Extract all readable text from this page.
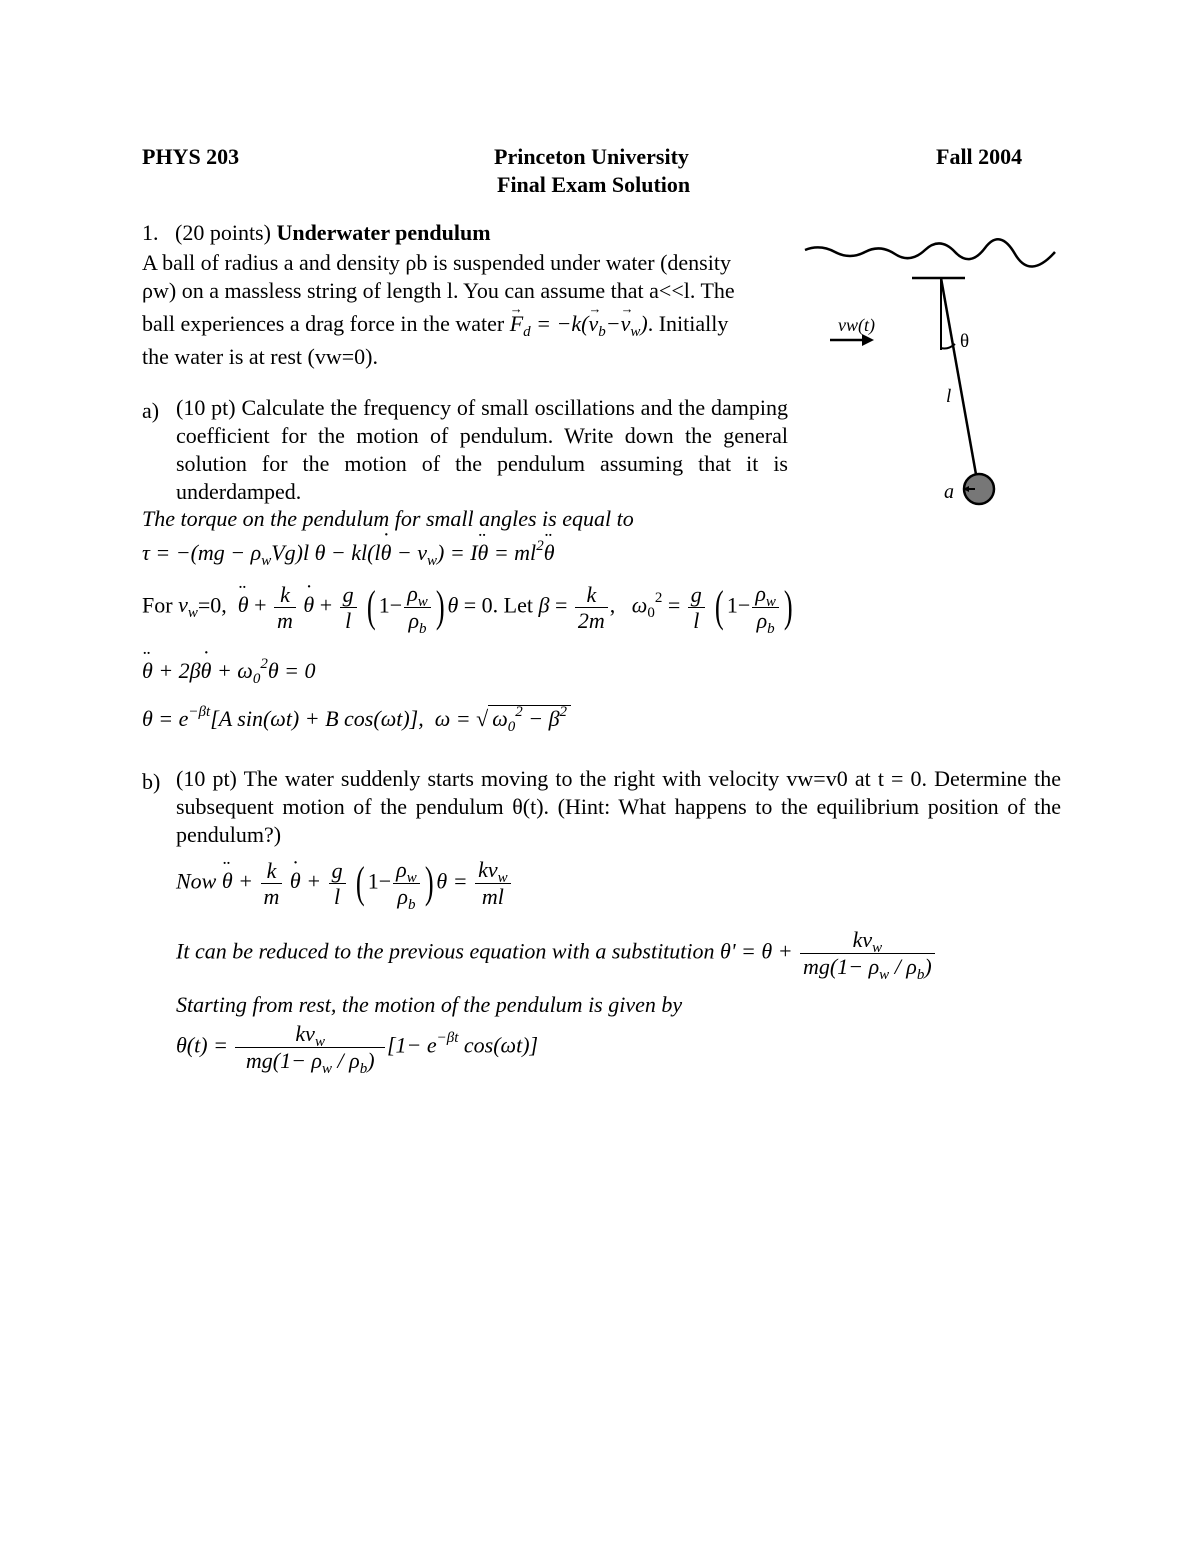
PHYS 203	Princeton University	Fall 2004
Final Exam Solution
1. (20 points) Underwater pendulum
A ball of radius a and density ρb is suspended under water (density
ρw) on a massless string of length l. You can assume that a<<l. The
ball experiences a drag force in the water → $F_d = -k(\to v_b-\to v_w)$. Initially
the water is at rest (vw=0).
a) (10 pt) Calculate the frequency of small oscillations and the damping coefficient for the motion of pendulum. Write down the general solution for the motion of the pendulum assuming that it is underdamped.
The torque on the pendulum for small angles is equal to
$\tau = -(mg - \rho_wVg)l$ θ − kl(l˙ $\theta - v_w$) = I¨ $\theta = ml^2¨$ θ
For $v_w=0$,  ¨ $\theta + \frac{k}{m}$ ˙ $\theta + \frac{g}{l}$ ( $1- \frac{\rho_w}{\rho_b}$ ) θ = 0. Let $\beta = \frac{k}{2m}$ ,   $\omega_0^2 = \frac{g}{l}$ ( $1- \frac{\rho_w}{\rho_b}$ )
¨ θ + 2β˙ $\theta + \omega_0^2\theta = 0$
$\theta = e^{-\beta t}[A$ sin(ωt) + B cos(ωt)],  ω = √ $\omega_0^2 - \beta^2$
b) (10 pt) The water suddenly starts moving to the right with velocity vw=v0 at t = 0. Determine the subsequent motion of the pendulum θ(t). (Hint: What happens to the equilibrium position of the pendulum?)
Now ¨ $\theta + \frac{k}{m}$ ˙ $\theta + \frac{g}{l}$ ( $1- \frac{\rho_w}{\rho_b}$ ) $\theta = \frac{kv_w}{ml}$
It can be reduced to the previous equation with a substitution $\theta' = \theta + \frac{kv_w}{mg(1- \rho_w / \rho_b)}$
Starting from rest, the motion of the pendulum is given by
$\theta(t) = \frac{kv_w}{mg(1- \rho_w / \rho_b)} [1- e^{-\beta t}$ cos(ωt)]
vw(t)
θ
l
a
